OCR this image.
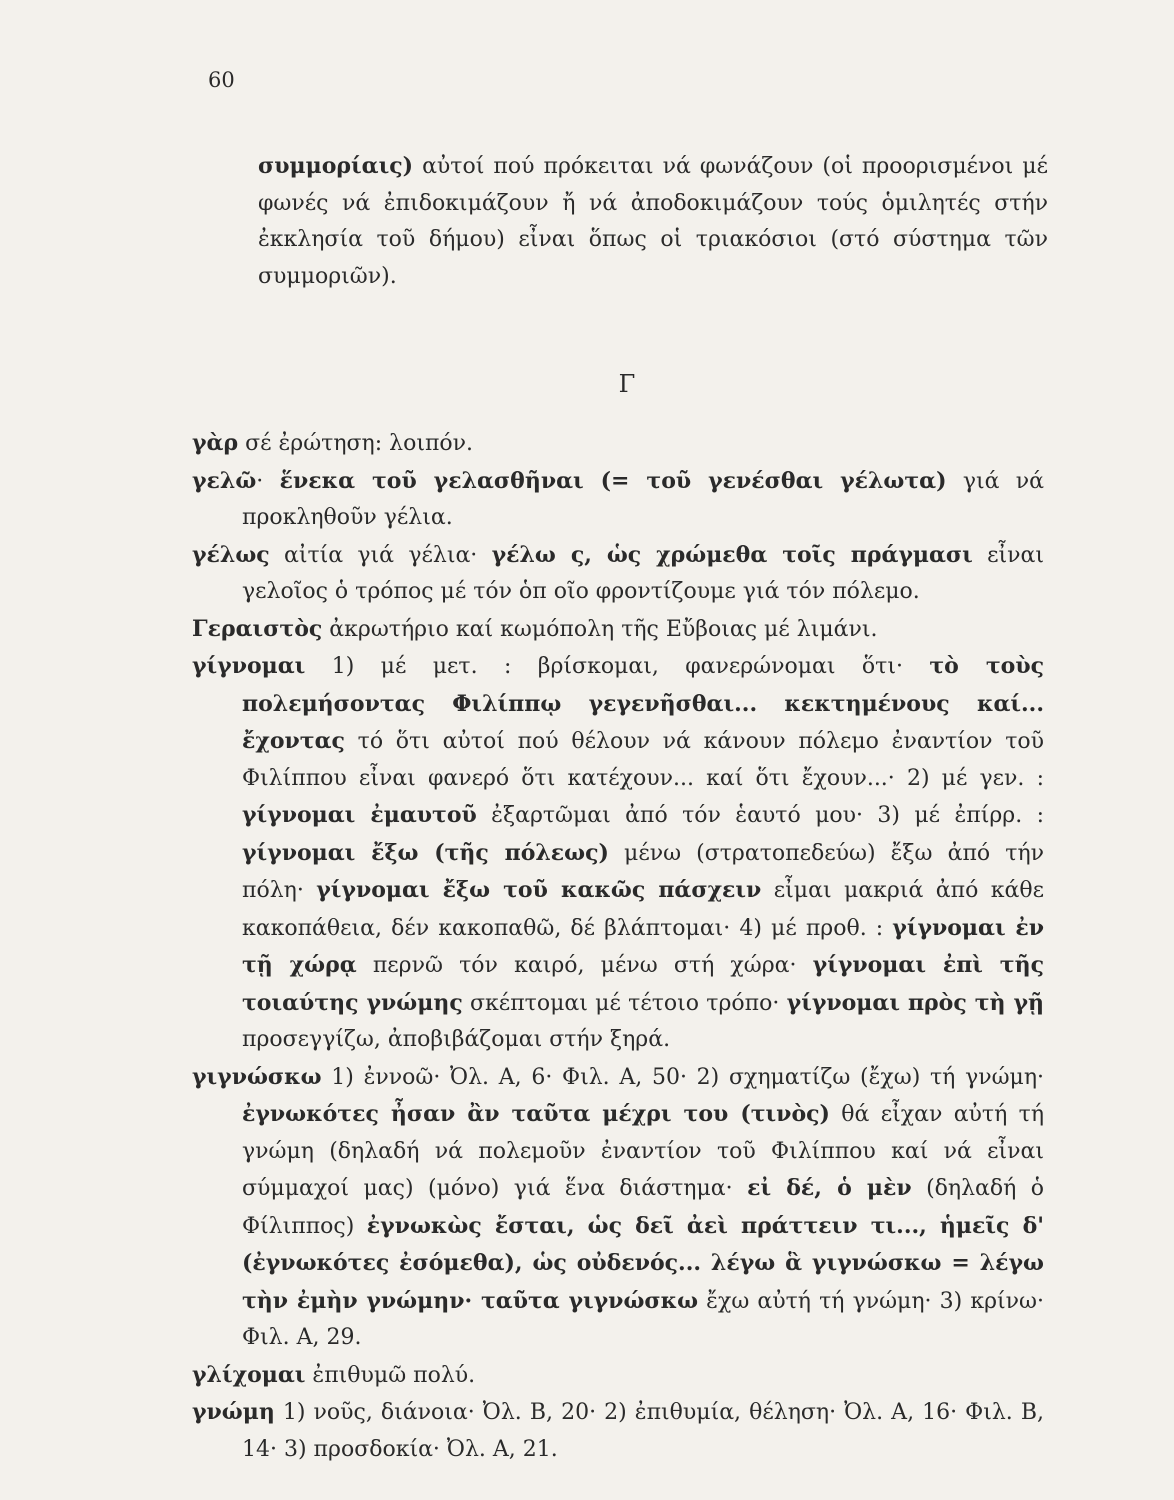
60
συμμορίαις) αὐτοί πού πρόκειται νά φωνάζουν (οἱ προορισμένοι μέ φωνές νά ἐπιδοκιμάζουν ἤ νά ἀποδοκιμάζουν τούς ὁμιλητές στήν ἐκκλησία τοῦ δήμου) εἶναι ὅπως οἱ τριακόσιοι (στό σύστημα τῶν συμμοριῶν).
Γ
γὰρ σέ ἐρώτηση: λοιπόν.
γελῶ· ἕνεκα τοῦ γελασθῆναι (= τοῦ γενέσθαι γέλωτα) γιά νά προκληθοῦν γέλια.
γέλως αἰτία γιά γέλια· γέλω ς, ὡς χρώμεθα τοῖς πράγμασι εἶναι γελοῖος ὁ τρόπος μέ τόν ὁπ οῖο φροντίζουμε γιά τόν πόλεμο.
Γεραιστὸς ἀκρωτήριο καί κωμόπολη τῆς Εὔβοιας μέ λιμάνι.
γίγνομαι 1) μέ μετ. : βρίσκομαι, φανερώνομαι ὅτι· τὸ τοὺς πολεμήσοντας Φιλίππῳ γεγενῆσθαι... κεκτημένους καί... ἔχοντας τό ὅτι αὐτοί πού θέλουν νά κάνουν πόλεμο ἐναντίον τοῦ Φιλίππου εἶναι φανερό ὅτι κατέχουν... καί ὅτι ἔχουν...· 2) μέ γεν. : γίγνομαι ἐμαυτοῦ ἐξαρτῶμαι ἀπό τόν ἑαυτό μου· 3) μέ ἐπίρρ. : γίγνομαι ἔξω (τῆς πόλεως) μένω (στρατοπεδεύω) ἔξω ἀπό τήν πόλη· γίγνομαι ἔξω τοῦ κακῶς πάσχειν εἶμαι μακριά ἀπό κάθε κακοπάθεια, δέν κακοπαθῶ, δέ βλάπτομαι· 4) μέ προθ. : γίγνομαι ἐν τῇ χώρᾳ περνῶ τόν καιρό, μένω στή χώρα· γίγνομαι ἐπὶ τῆς τοιαύτης γνώμης σκέπτομαι μέ τέτοιο τρόπο· γίγνομαι πρὸς τὴ γῇ προσεγγίζω, ἀποβιβάζομαι στήν ξηρά.
γιγνώσκω 1) ἐννοῶ· Ὀλ. Α, 6· Φιλ. Α, 50· 2) σχηματίζω (ἔχω) τή γνώμη· ἐγνωκότες ἦσαν ἂν ταῦτα μέχρι του (τινὸς) θά εἶχαν αὐτή τή γνώμη (δηλαδή νά πολεμοῦν ἐναντίον τοῦ Φιλίππου καί νά εἶναι σύμμαχοί μας) (μόνο) γιά ἕνα διάστημα· εἰ δέ, ὁ μὲν (δηλαδή ὁ Φίλιππος) ἐγνωκὼς ἔσται, ὡς δεῖ ἀεὶ πράττειν τι..., ἡμεῖς δ' (ἐγνωκότες ἐσόμεθα), ὡς οὐδενός... λέγω ἃ γιγνώσκω = λέγω τὴν ἐμὴν γνώμην· ταῦτα γιγνώσκω ἔχω αὐτή τή γνώμη· 3) κρίνω· Φιλ. Α, 29.
γλίχομαι ἐπιθυμῶ πολύ.
γνώμη 1) νοῦς, διάνοια· Ὀλ. Β, 20· 2) ἐπιθυμία, θέληση· Ὀλ. Α, 16· Φιλ. Β, 14· 3) προσδοκία· Ὀλ. Α, 21.
